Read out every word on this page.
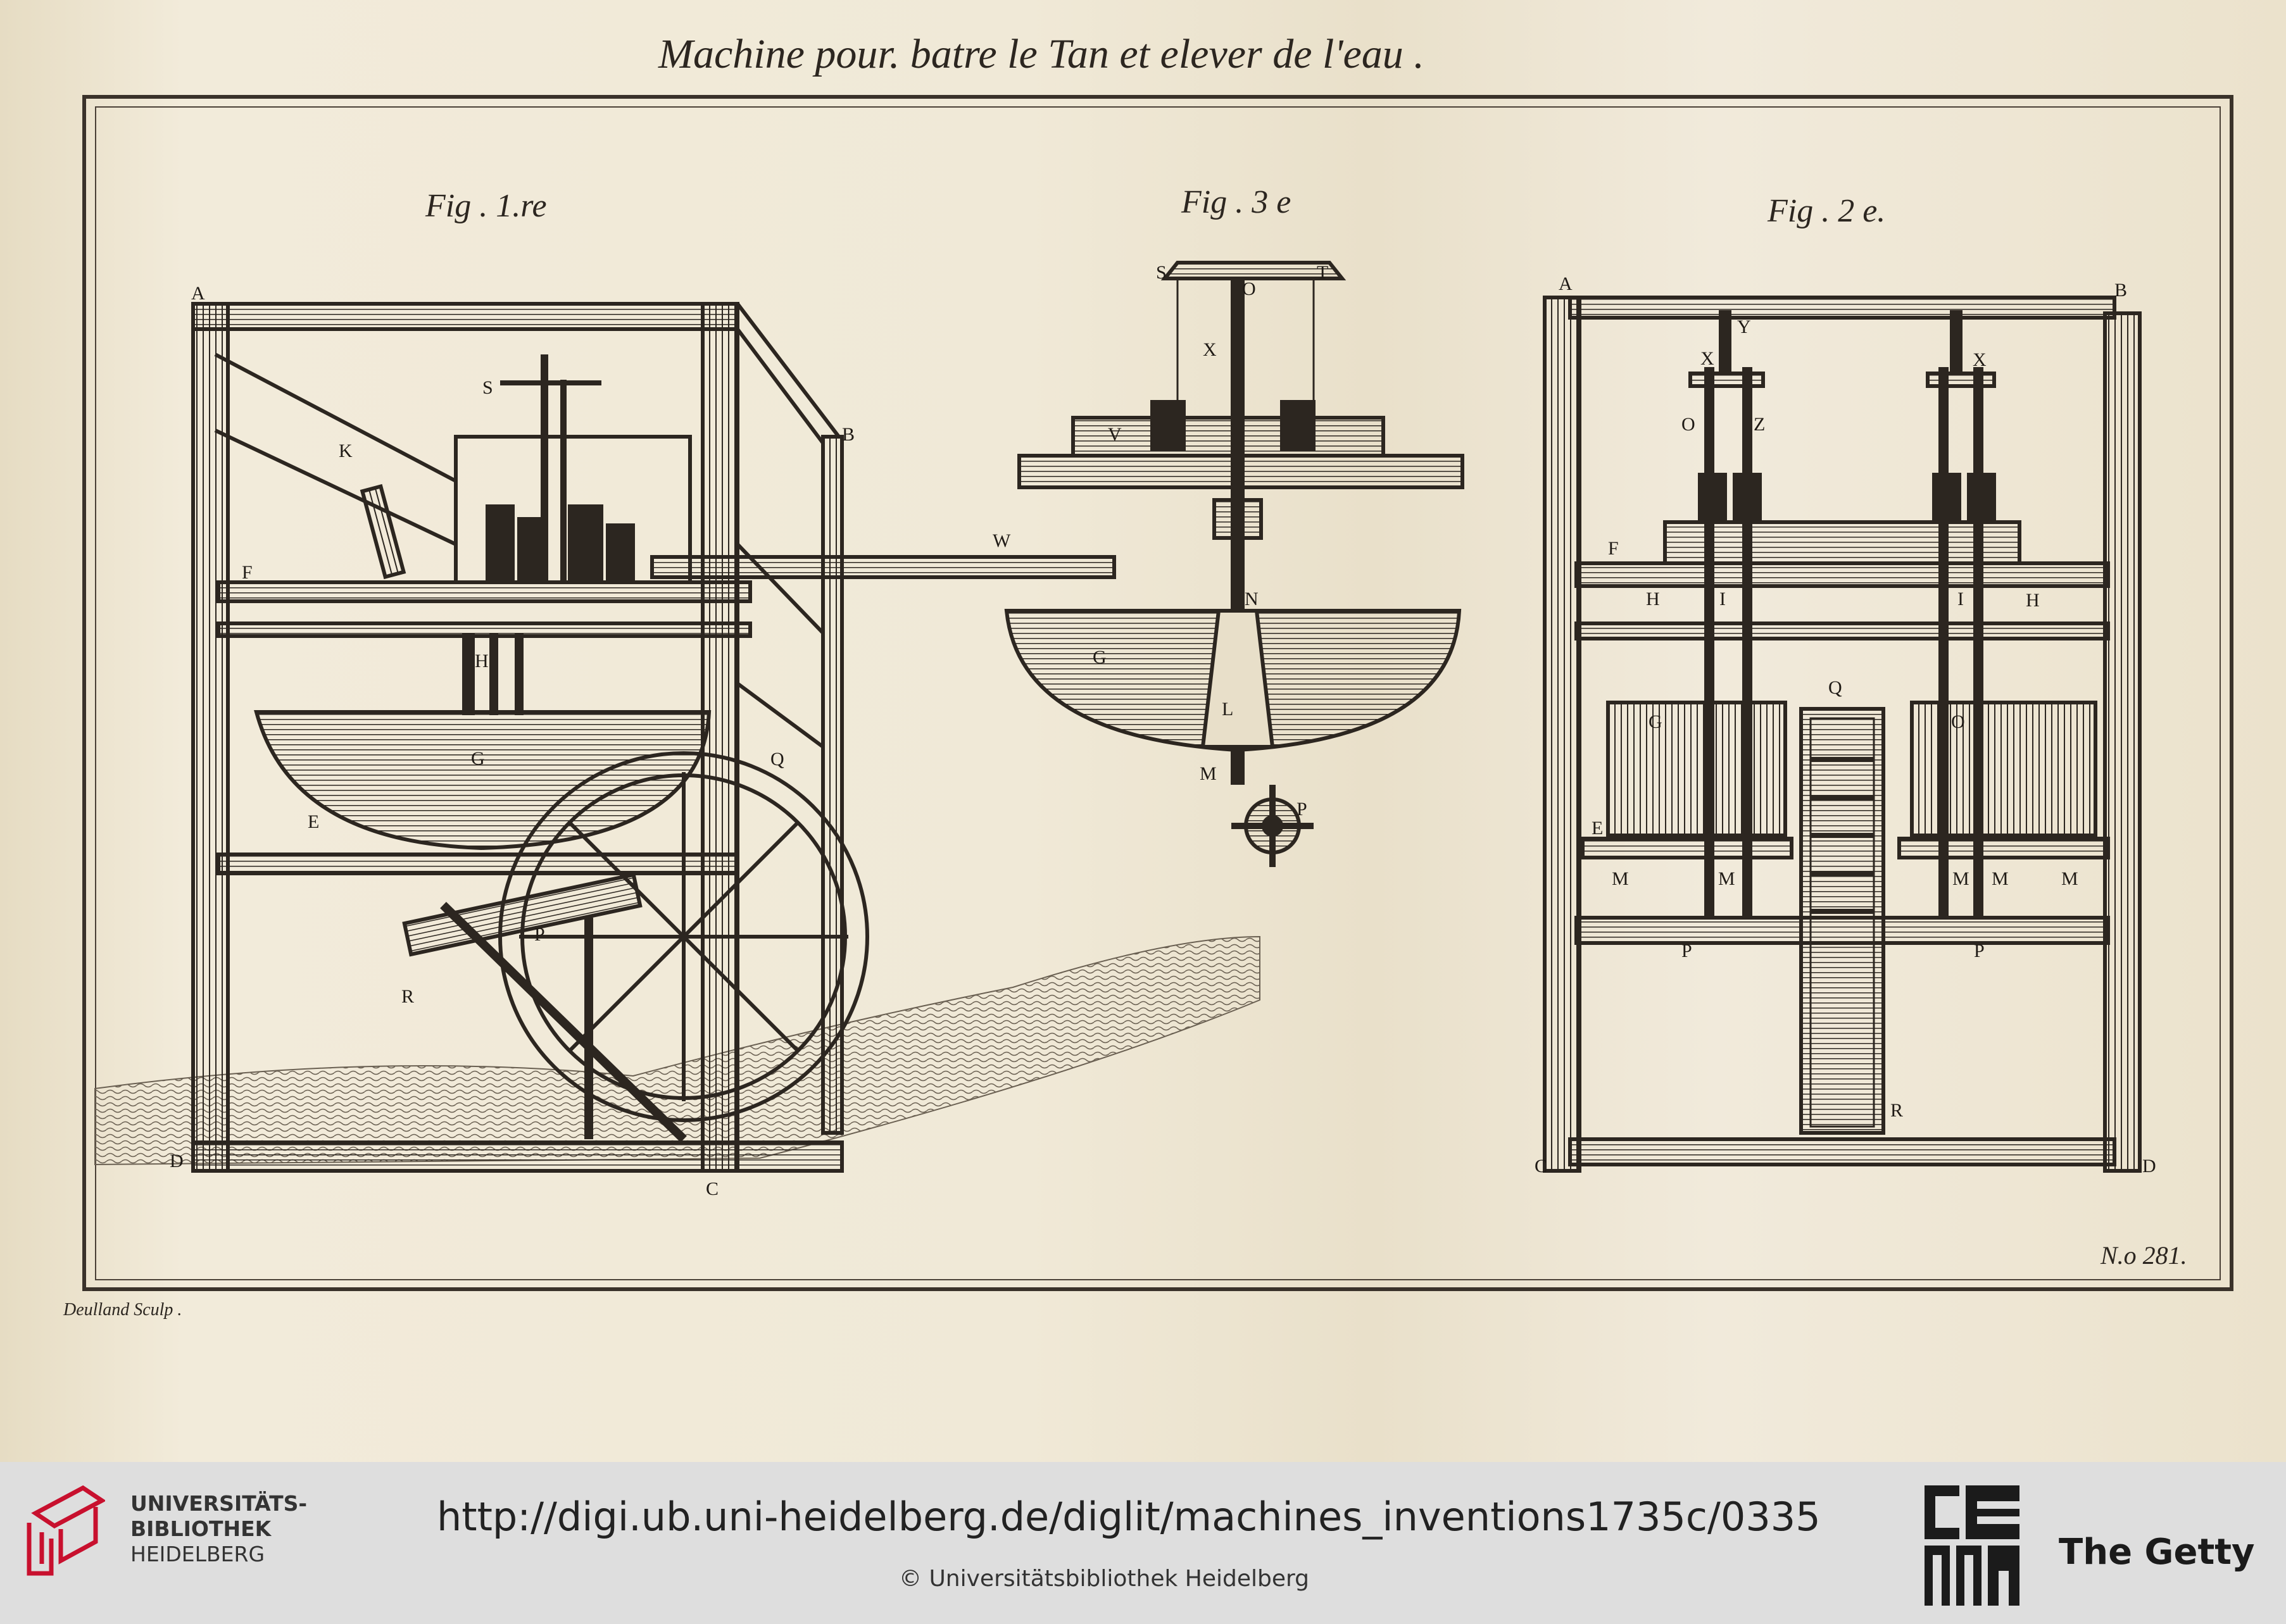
Machine pour. batre le Tan et elever de l'eau .
Fig . 1.re	Fig . 3 e	Fig . 2 e.
A
B
C
D
E
F
G
H
K
P
Q
R
S
W
S	T
O
X
V
N
G
L
M
P
A	B
C	D
E
F
G
H	H
I	I
M	M	M M	M
O
O
P	P
Q
R
X	X
Y
Z
Deulland Sculp .
N.o 281.
UNIVERSITÄTS-
BIBLIOTHEK
HEIDELBERG
http://digi.ub.uni-heidelberg.de/diglit/machines_inventions1735c/0335
© Universitätsbibliothek Heidelberg
The Getty
